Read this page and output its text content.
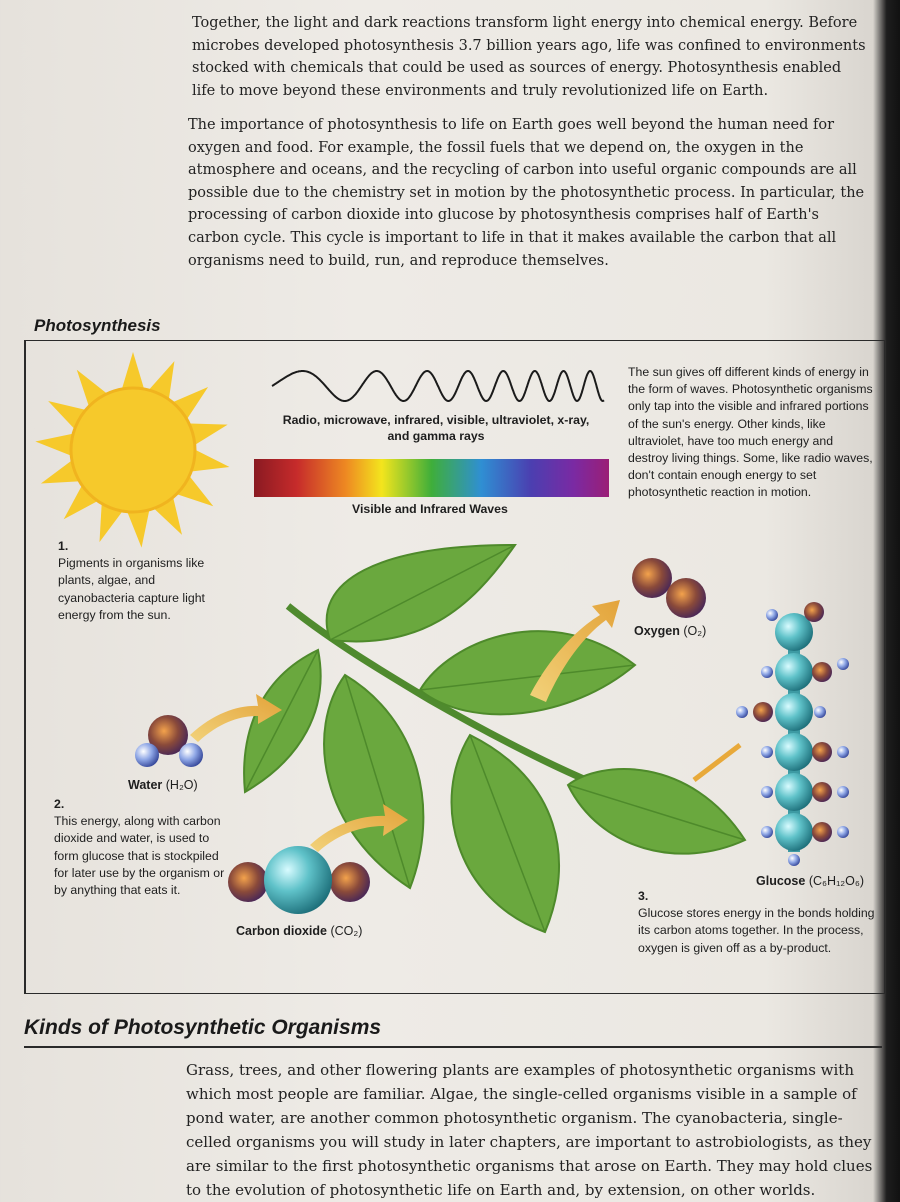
Together, the light and dark reactions transform light energy into chemical energy. Before microbes developed photosynthesis 3.7 billion years ago, life was confined to environments stocked with chemicals that could be used as sources of energy. Photosynthesis enabled life to move beyond these environments and truly revolutionized life on Earth.

The importance of photosynthesis to life on Earth goes well beyond the human need for oxygen and food. For example, the fossil fuels that we depend on, the oxygen in the atmosphere and oceans, and the recycling of carbon into useful organic compounds are all possible due to the chemistry set in motion by the photosynthetic process. In particular, the processing of carbon dioxide into glucose by photosynthesis comprises half of Earth's carbon cycle. This cycle is important to life in that it makes available the carbon that all organisms need to build, run, and reproduce themselves.

Photosynthesis
Radio, microwave, infrared, visible, ultraviolet, x-ray, and gamma rays
Visible and Infrared Waves

The sun gives off different kinds of energy in the form of waves. Photosynthetic organisms only tap into the visible and infrared portions of the sun's energy. Other kinds, like ultraviolet, have too much energy and destroy living things. Some, like radio waves, don't contain enough energy to set photosynthetic reaction in motion.

1.
Pigments in organisms like plants, algae, and cyanobacteria capture light energy from the sun.

2.
This energy, along with carbon dioxide and water, is used to form glucose that is stockpiled for later use by the organism or by anything that eats it.	3.
Glucose stores energy in the bonds holding its carbon atoms together. In the process, oxygen is given off as a by-product.

Water (H₂O)
Carbon dioxide (CO₂)
Oxygen (O₂)
Glucose (C₆H₁₂O₆)
Kinds of Photosynthetic Organisms

Grass, trees, and other flowering plants are examples of photosynthetic organisms with which most people are familiar. Algae, the single-celled organisms visible in a sample of pond water, are another common photosynthetic organism. The cyanobacteria, single-celled organisms you will study in later chapters, are important to astrobiologists, as they are similar to the first photosynthetic organisms that arose on Earth. They may hold clues to the evolution of photosynthetic life on Earth and, by extension, on other worlds.
